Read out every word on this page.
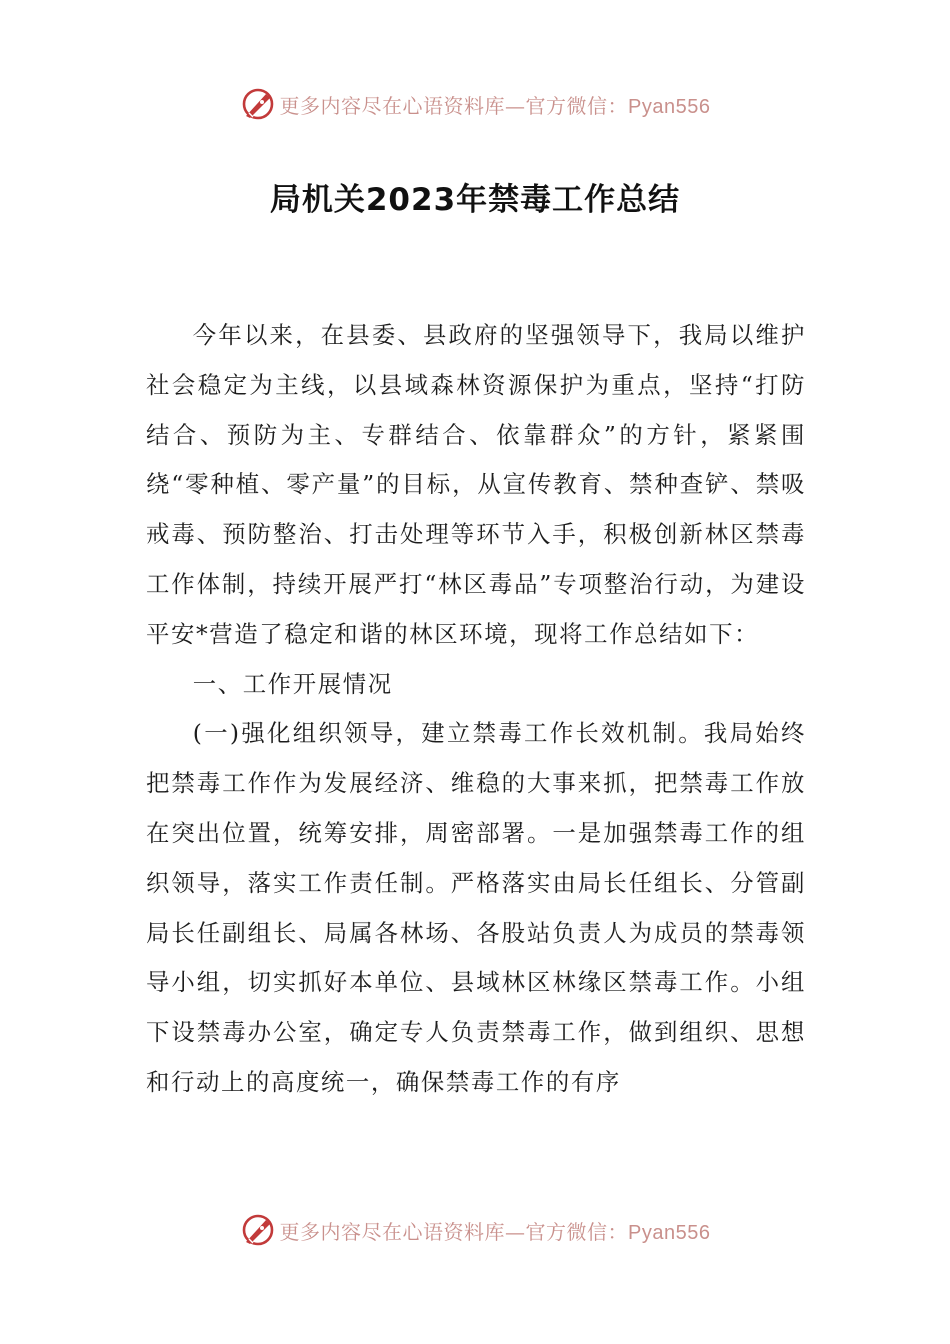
更多内容尽在心语资料库—官方微信：Pyan556
局机关2023年禁毒工作总结

今年以来，在县委、县政府的坚强领导下，我局以维护社会稳定为主线，以县域森林资源保护为重点，坚持“打防结合、预防为主、专群结合、依靠群众”的方针，紧紧围绕“零种植、零产量”的目标，从宣传教育、禁种查铲、禁吸戒毒、预防整治、打击处理等环节入手，积极创新林区禁毒工作体制，持续开展严打“林区毒品”专项整治行动，为建设平安*营造了稳定和谐的林区环境，现将工作总结如下：

一、工作开展情况

(一)强化组织领导，建立禁毒工作长效机制。我局始终把禁毒工作作为发展经济、维稳的大事来抓，把禁毒工作放在突出位置，统筹安排，周密部署。一是加强禁毒工作的组织领导，落实工作责任制。严格落实由局长任组长、分管副局长任副组长、局属各林场、各股站负责人为成员的禁毒领导小组，切实抓好本单位、县域林区林缘区禁毒工作。小组下设禁毒办公室，确定专人负责禁毒工作，做到组织、思想和行动上的高度统一，确保禁毒工作的有序

更多内容尽在心语资料库—官方微信：Pyan556
